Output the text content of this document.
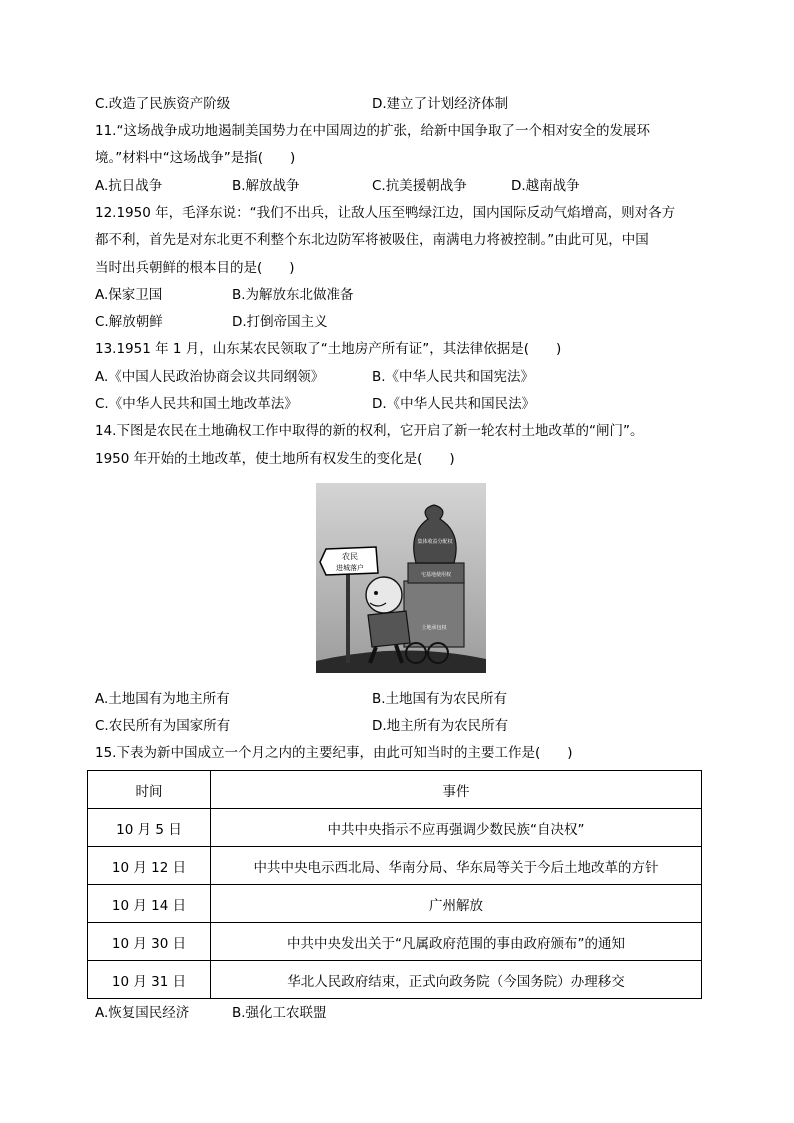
C.改造了民族资产阶级	D.建立了计划经济体制
11.“这场战争成功地遏制美国势力在中国周边的扩张，给新中国争取了一个相对安全的发展环
境。”材料中“这场战争”是指(　　)
A.抗日战争	B.解放战争	C.抗美援朝战争	D.越南战争
12.1950 年，毛泽东说：“我们不出兵，让敌人压至鸭绿江边，国内国际反动气焰增高，则对各方
都不利，首先是对东北更不利整个东北边防军将被吸住，南满电力将被控制。”由此可见，中国
当时出兵朝鲜的根本目的是(　　)
A.保家卫国	B.为解放东北做准备
C.解放朝鲜	D.打倒帝国主义
13.1951 年 1 月，山东某农民领取了“土地房产所有证”，其法律依据是(　　)
A.《中国人民政治协商会议共同纲领》	B.《中华人民共和国宪法》
C.《中华人民共和国土地改革法》	D.《中华人民共和国民法》
14.下图是农民在土地确权工作中取得的新的权利，它开启了新一轮农村土地改革的“闸门”。
1950 年开始的土地改革，使土地所有权发生的变化是(　　)
农民
进城落户
土地承包权
宅基地使用权
集体收益分配权
A.土地国有为地主所有	B.土地国有为农民所有
C.农民所有为国家所有	D.地主所有为农民所有
15.下表为新中国成立一个月之内的主要纪事，由此可知当时的主要工作是(　　)
时间	事件
10 月 5 日	中共中央指示不应再强调少数民族“自决权”
10 月 12 日	中共中央电示西北局、华南分局、华东局等关于今后土地改革的方针
10 月 14 日	广州解放
10 月 30 日	中共中央发出关于“凡属政府范围的事由政府颁布”的通知
10 月 31 日	华北人民政府结束，正式向政务院（今国务院）办理移交
A.恢复国民经济	B.强化工农联盟
